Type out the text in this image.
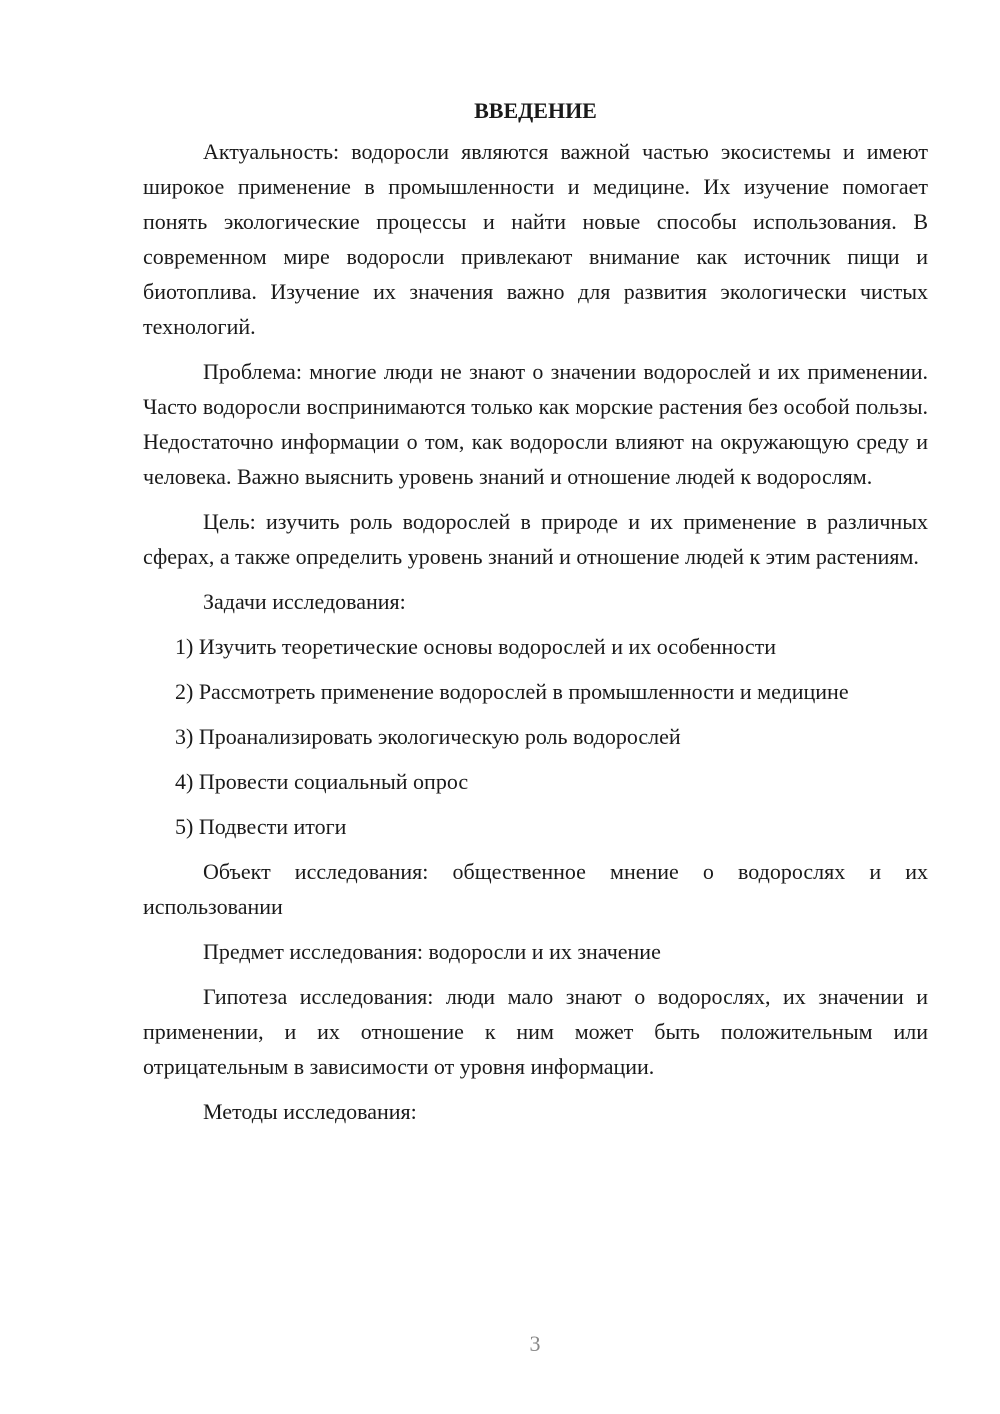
ВВЕДЕНИЕ

Актуальность: водоросли являются важной частью экосистемы и имеют широкое применение в промышленности и медицине. Их изучение помогает понять экологические процессы и найти новые способы использования. В современном мире водоросли привлекают внимание как источник пищи и биотоплива. Изучение их значения важно для развития экологически чистых технологий.

Проблема: многие люди не знают о значении водорослей и их применении. Часто водоросли воспринимаются только как морские растения без особой пользы. Недостаточно информации о том, как водоросли влияют на окружающую среду и человека. Важно выяснить уровень знаний и отношение людей к водорослям.

Цель: изучить роль водорослей в природе и их применение в различных сферах, а также определить уровень знаний и отношение людей к этим растениям.

Задачи исследования:

1) Изучить теоретические основы водорослей и их особенности

2) Рассмотреть применение водорослей в промышленности и медицине

3) Проанализировать экологическую роль водорослей

4) Провести социальный опрос

5) Подвести итоги

Объект исследования: общественное мнение о водорослях и их использовании

Предмет исследования: водоросли и их значение

Гипотеза исследования: люди мало знают о водорослях, их значении и применении, и их отношение к ним может быть положительным или отрицательным в зависимости от уровня информации.

Методы исследования:

3
